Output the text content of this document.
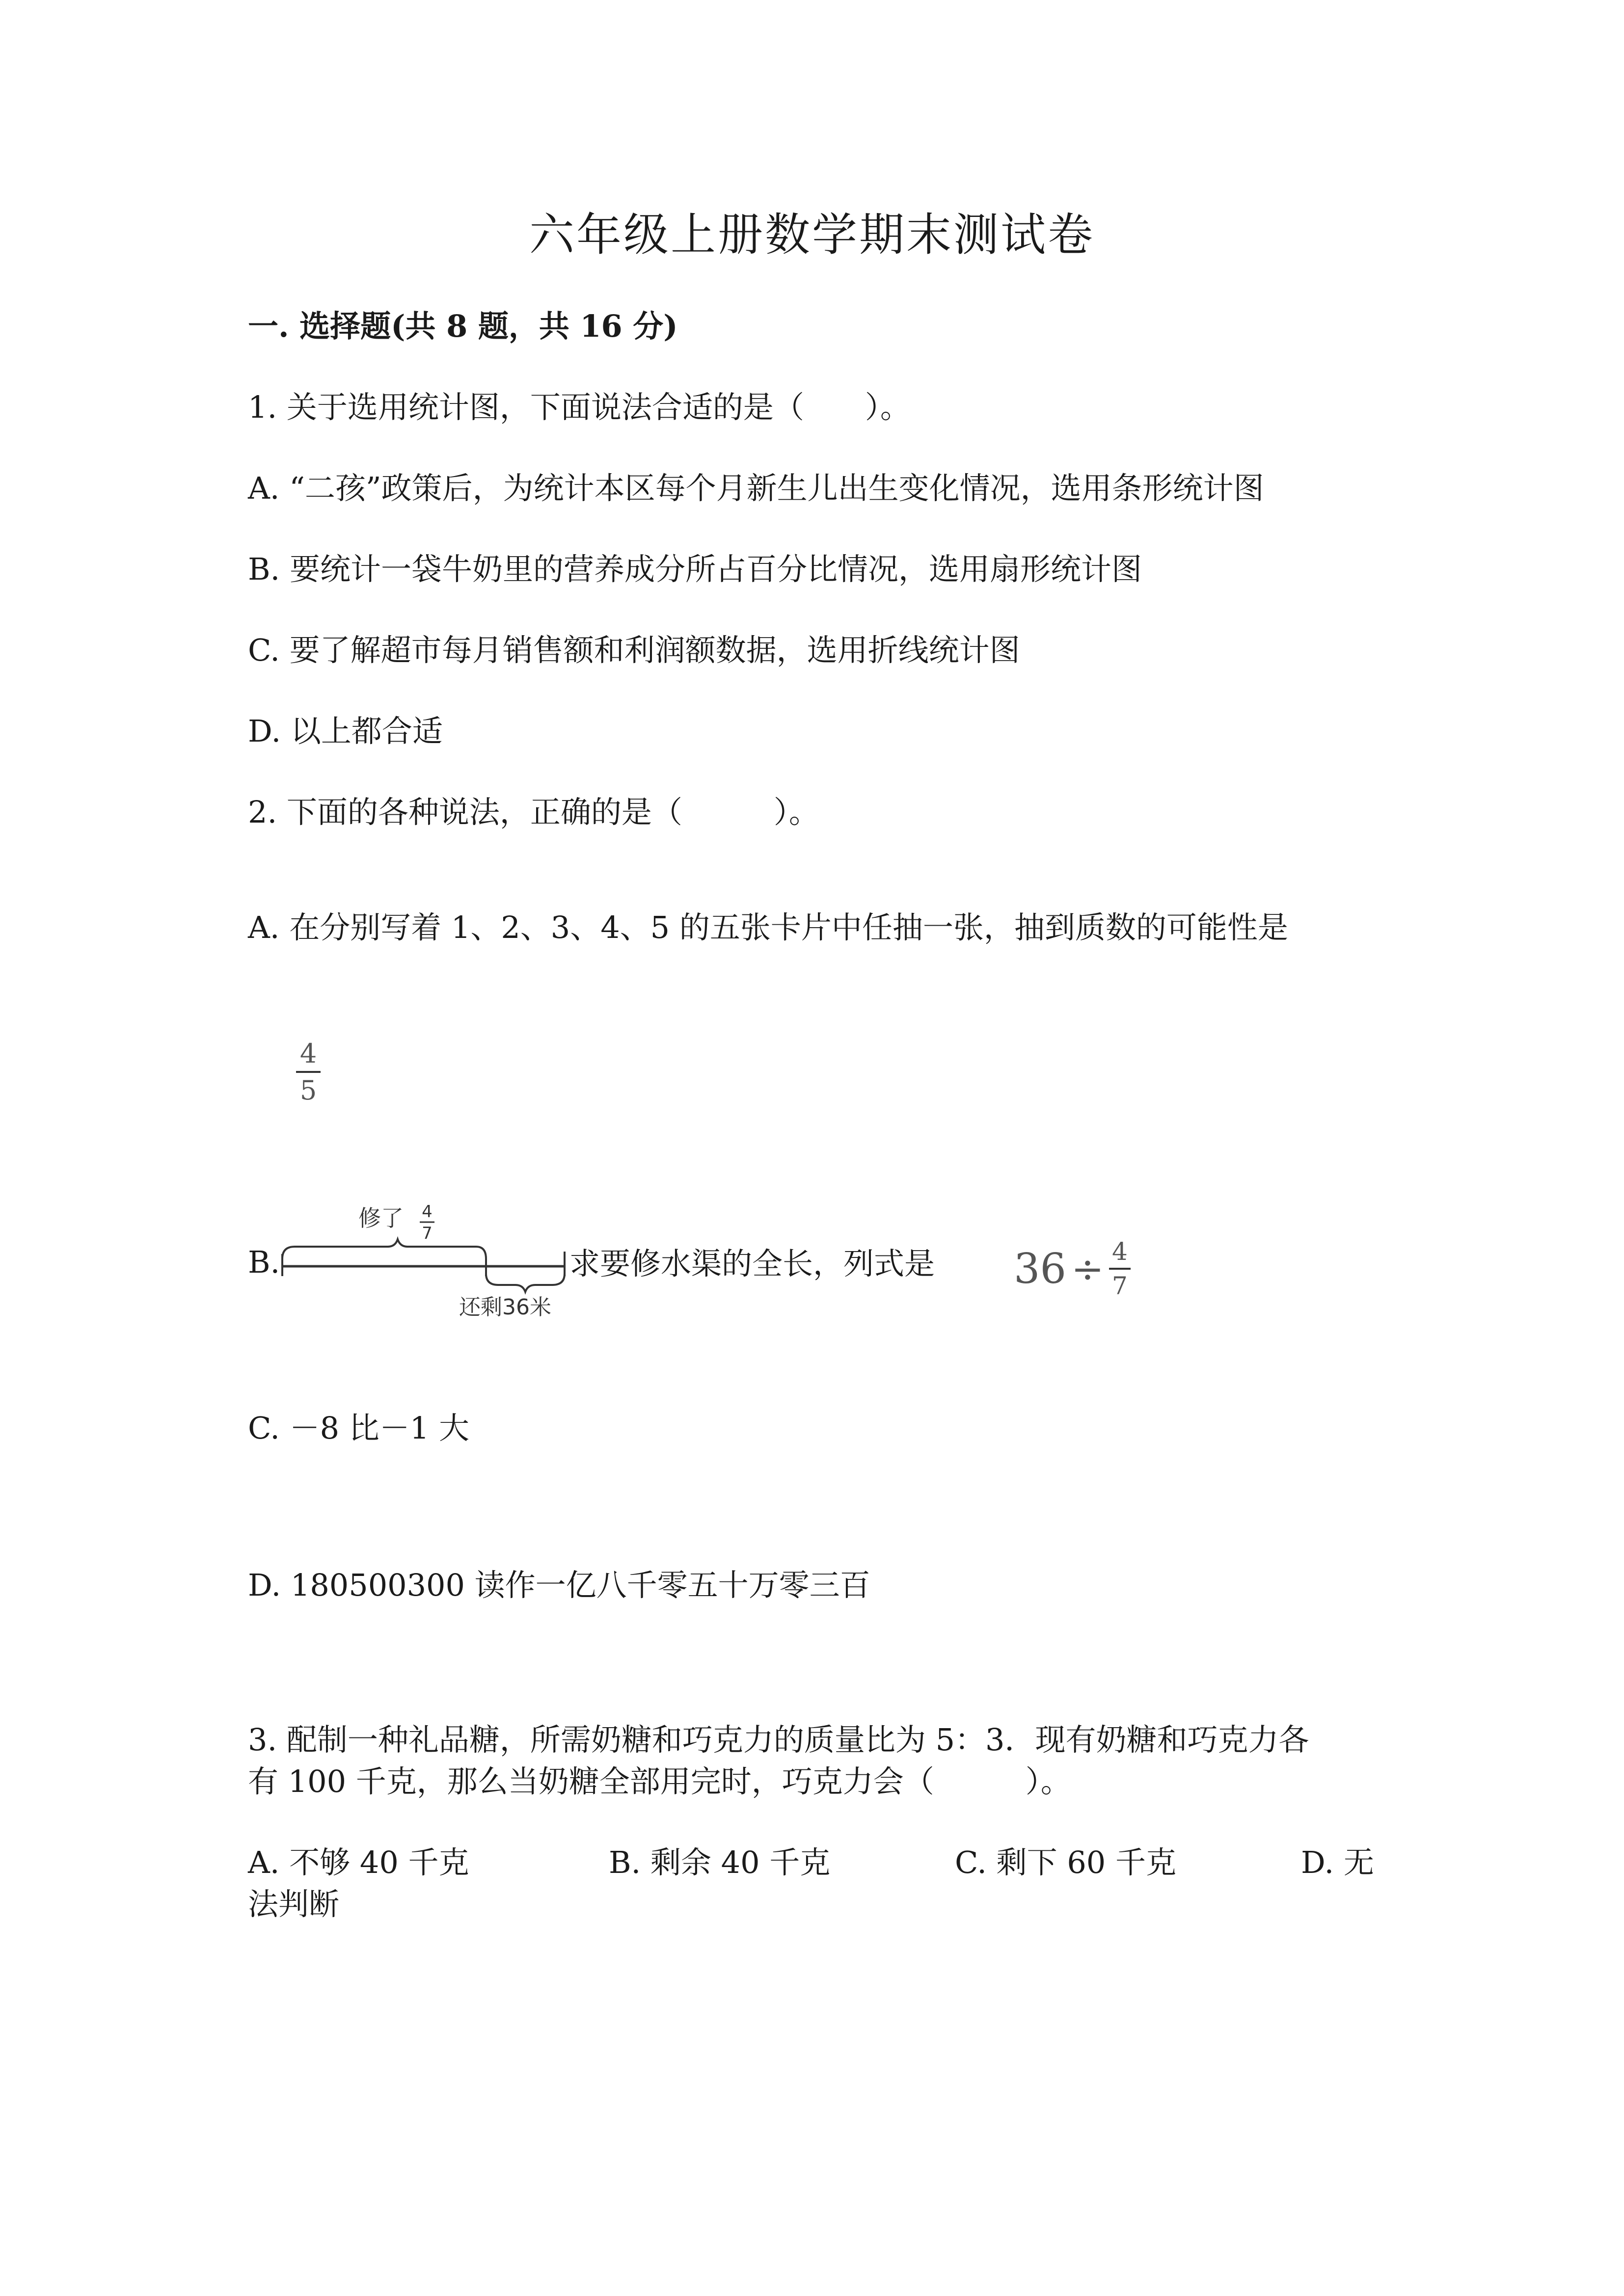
六年级上册数学期末测试卷
一. 选择题(共 8 题，共 16 分)
1. 关于选用统计图，下面说法合适的是（　　）。
A. “二孩”政策后，为统计本区每个月新生儿出生变化情况，选用条形统计图
B. 要统计一袋牛奶里的营养成分所占百分比情况，选用扇形统计图
C. 要了解超市每月销售额和利润额数据，选用折线统计图
D. 以上都合适
2. 下面的各种说法，正确的是（　　　）。
A. 在分别写着 1、2、3、4、5 的五张卡片中任抽一张，抽到质数的可能性是
4
5
B.
修了 4
7
还剩36米
求要修水渠的全长，列式是 $36 \div \frac{4}{7}$
C. －8 比－1 大
D. 180500300 读作一亿八千零五十万零三百
3. 配制一种礼品糖，所需奶糖和巧克力的质量比为 5：3．现有奶糖和巧克力各
有 100 千克，那么当奶糖全部用完时，巧克力会（　　　）。
A. 不够 40 千克	B. 剩余 40 千克	C. 剩下 60 千克	D. 无
法判断
